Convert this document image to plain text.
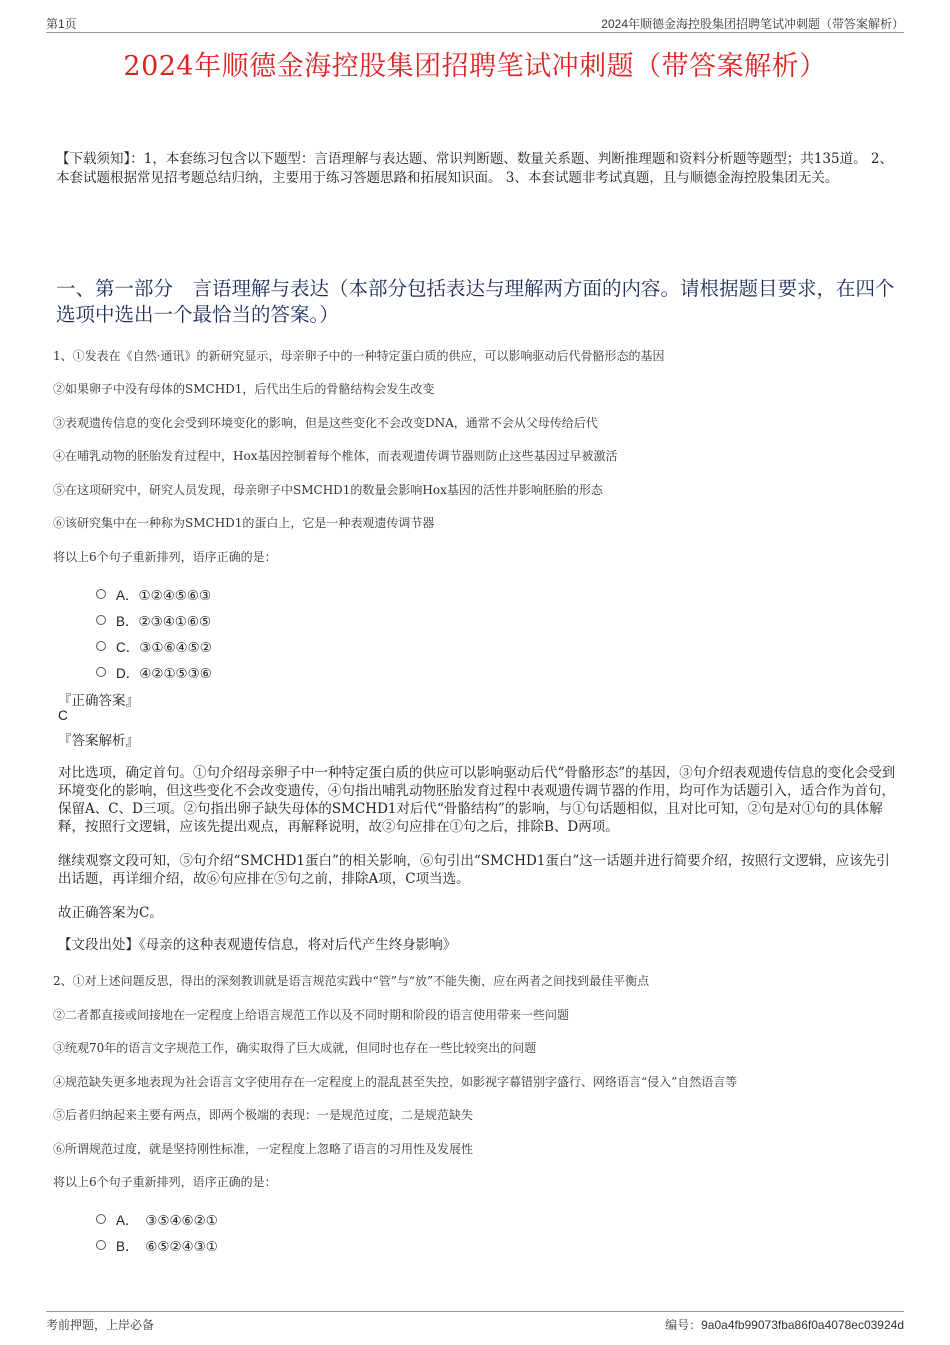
第1页	2024年顺德金海控股集团招聘笔试冲刺题（带答案解析）
2024年顺德金海控股集团招聘笔试冲刺题（带答案解析）
【下载须知】：1，本套练习包含以下题型：言语理解与表达题、常识判断题、数量关系题、判断推理题和资料分析题等题型；共135道。 2、本套试题根据常见招考题总结归纳，主要用于练习答题思路和拓展知识面。 3、本套试题非考试真题，且与顺德金海控股集团无关。
一、第一部分　言语理解与表达（本部分包括表达与理解两方面的内容。请根据题目要求，在四个选项中选出一个最恰当的答案。）
1、①发表在《自然·通讯》的新研究显示，母亲卵子中的一种特定蛋白质的供应，可以影响驱动后代骨骼形态的基因
②如果卵子中没有母体的SMCHD1，后代出生后的骨骼结构会发生改变
③表观遗传信息的变化会受到环境变化的影响，但是这些变化不会改变DNA，通常不会从父母传给后代
④在哺乳动物的胚胎发育过程中，Hox基因控制着每个椎体，而表观遗传调节器则防止这些基因过早被激活
⑤在这项研究中，研究人员发现，母亲卵子中SMCHD1的数量会影响Hox基因的活性并影响胚胎的形态
⑥该研究集中在一种称为SMCHD1的蛋白上，它是一种表观遗传调节器
将以上6个句子重新排列，语序正确的是：
A．①②④⑤⑥③
B．②③④①⑥⑤
C．③①⑥④⑤②
D．④②①⑤③⑥
『正确答案』
C
『答案解析』
对比选项，确定首句。①句介绍母亲卵子中一种特定蛋白质的供应可以影响驱动后代“骨骼形态”的基因，③句介绍表观遗传信息的变化会受到环境变化的影响，但这些变化不会改变遗传，④句指出哺乳动物胚胎发育过程中表观遗传调节器的作用，均可作为话题引入，适合作为首句，保留A、C、D三项。②句指出卵子缺失母体的SMCHD1对后代“骨骼结构”的影响，与①句话题相似，且对比可知，②句是对①句的具体解释，按照行文逻辑，应该先提出观点，再解释说明，故②句应排在①句之后，排除B、D两项。
继续观察文段可知，⑤句介绍“SMCHD1蛋白”的相关影响，⑥句引出“SMCHD1蛋白”这一话题并进行简要介绍，按照行文逻辑，应该先引出话题，再详细介绍，故⑥句应排在⑤句之前，排除A项，C项当选。
故正确答案为C。
【文段出处】《母亲的这种表观遗传信息，将对后代产生终身影响》
2、①对上述问题反思，得出的深刻教训就是语言规范实践中“管”与“放”不能失衡，应在两者之间找到最佳平衡点
②二者都直接或间接地在一定程度上给语言规范工作以及不同时期和阶段的语言使用带来一些问题
③统观70年的语言文字规范工作，确实取得了巨大成就，但同时也存在一些比较突出的问题
④规范缺失更多地表现为社会语言文字使用存在一定程度上的混乱甚至失控，如影视字幕错别字盛行、网络语言“侵入”自然语言等
⑤后者归纳起来主要有两点，即两个极端的表现：一是规范过度，二是规范缺失
⑥所谓规范过度，就是坚持刚性标准，一定程度上忽略了语言的习用性及发展性
将以上6个句子重新排列，语序正确的是：
A．　③⑤④⑥②①
B．　⑥⑤②④③①
考前押题，上岸必备	编号：9a0a4fb99073fba86f0a4078ec03924d
